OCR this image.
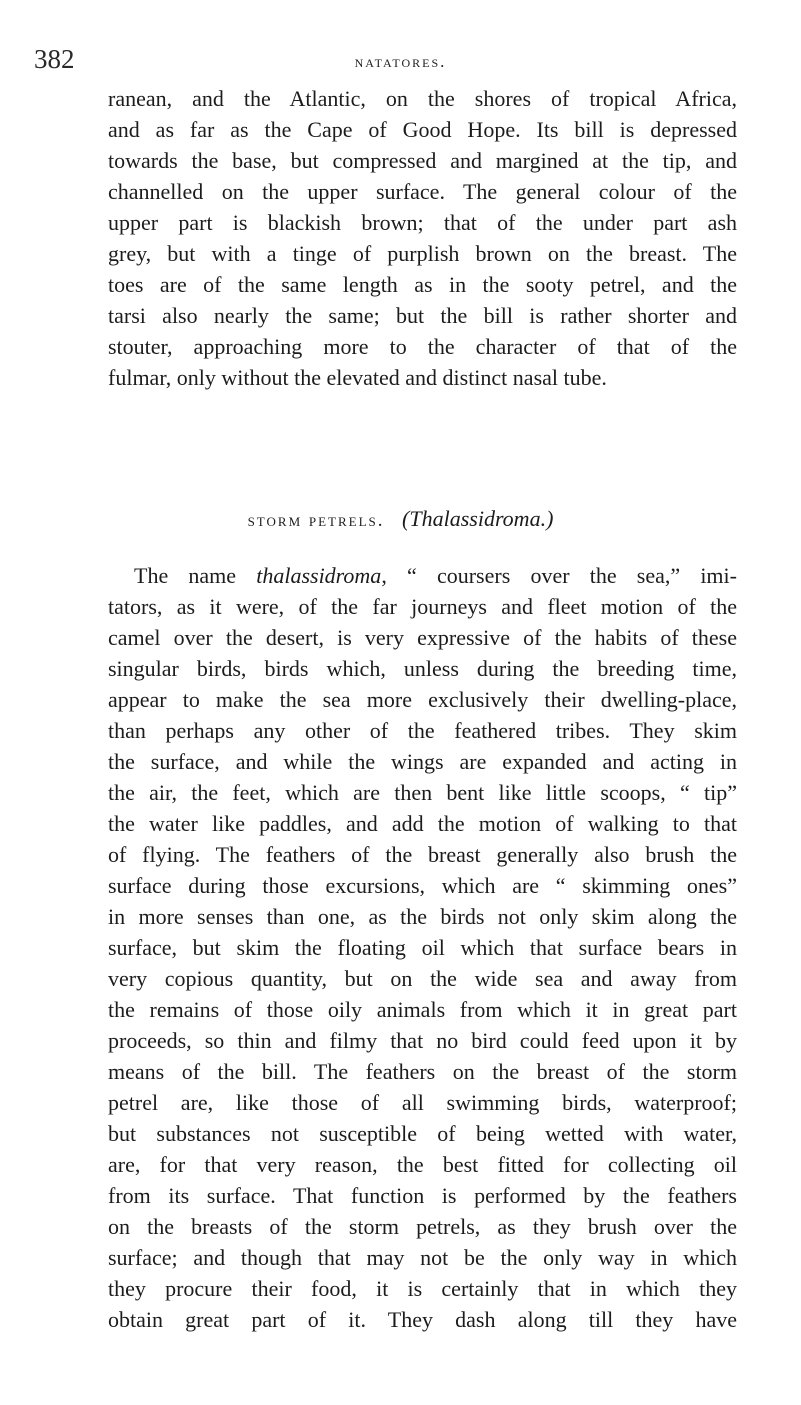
382	natatores.
ranean, and the Atlantic, on the shores of tropical Africa,
and as far as the Cape of Good Hope. Its bill is depressed
towards the base, but compressed and margined at the tip, and
channelled on the upper surface. The general colour of the
upper part is blackish brown; that of the under part ash
grey, but with a tinge of purplish brown on the breast. The
toes are of the same length as in the sooty petrel, and the
tarsi also nearly the same; but the bill is rather shorter and
stouter, approaching more to the character of that of the
fulmar, only without the elevated and distinct nasal tube.
storm petrels. (Thalassidroma.)
The name thalassidroma, “ coursers over the sea,” imi-
tators, as it were, of the far journeys and fleet motion of the
camel over the desert, is very expressive of the habits of these
singular birds, birds which, unless during the breeding time,
appear to make the sea more exclusively their dwelling-place,
than perhaps any other of the feathered tribes. They skim
the surface, and while the wings are expanded and acting in
the air, the feet, which are then bent like little scoops, “ tip”
the water like paddles, and add the motion of walking to that
of flying. The feathers of the breast generally also brush the
surface during those excursions, which are “ skimming ones”
in more senses than one, as the birds not only skim along the
surface, but skim the floating oil which that surface bears in
very copious quantity, but on the wide sea and away from
the remains of those oily animals from which it in great part
proceeds, so thin and filmy that no bird could feed upon it by
means of the bill. The feathers on the breast of the storm
petrel are, like those of all swimming birds, waterproof;
but substances not susceptible of being wetted with water,
are, for that very reason, the best fitted for collecting oil
from its surface. That function is performed by the feathers
on the breasts of the storm petrels, as they brush over the
surface; and though that may not be the only way in which
they procure their food, it is certainly that in which they
obtain great part of it. They dash along till they have
